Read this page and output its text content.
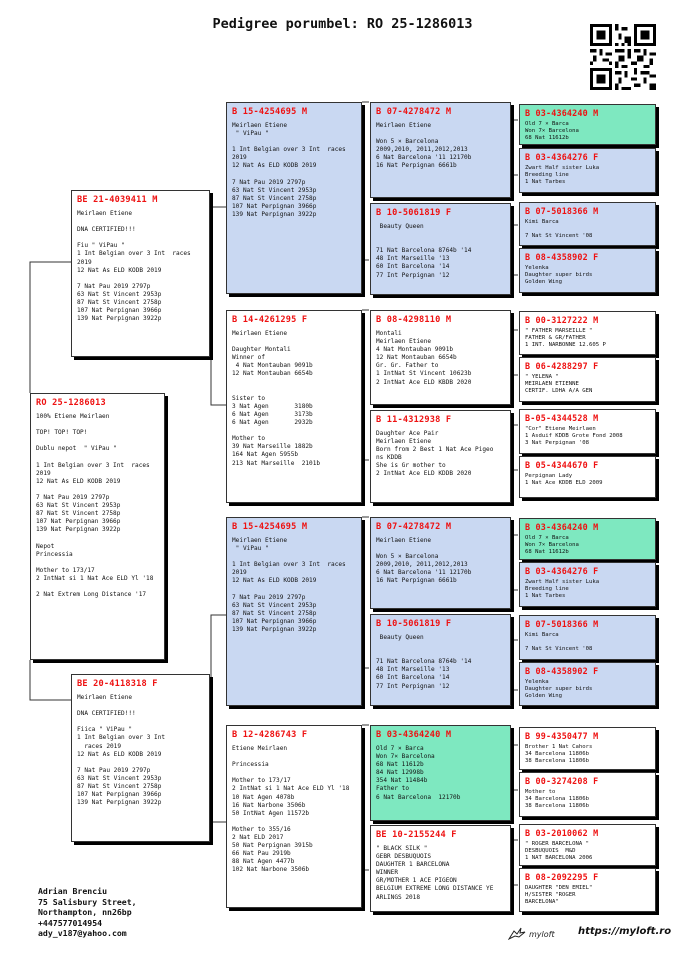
Pedigree porumbel: RO 25-1286013
RO 25-1286013
100% Etiene Meirlaen

TOP! TOP! TOP!

Dublu nepot  " ViPau "

1 Int Belgian over 3 Int  races
2019
12 Nat As ELD KODB 2019

7 Nat Pau 2019 2797p
63 Nat St Vincent 2953p
87 Nat St Vincent 2758p
107 Nat Perpignan 3966p
139 Nat Perpignan 3922p

Nepot
Princessia

Mother to 173/17
2 IntNat si 1 Nat Ace ELD Yl '18

2 Nat Extrem Long Distance '17
BE 21-4039411 M
Meirlaen Etiene

DNA CERTIFIED!!!

Fiu " ViPau "
1 Int Belgian over 3 Int  races
2019
12 Nat As ELD KODB 2019

7 Nat Pau 2019 2797p
63 Nat St Vincent 2953p
87 Nat St Vincent 2758p
107 Nat Perpignan 3966p
139 Nat Perpignan 3922p
BE 20-4118318 F
Meirlaen Etiene

DNA CERTIFIED!!!

Fiica " ViPau "
1 Int Belgian over 3 Int
races 2019
12 Nat As ELD KODB 2019

7 Nat Pau 2019 2797p
63 Nat St Vincent 2953p
87 Nat St Vincent 2758p
107 Nat Perpignan 3966p
139 Nat Perpignan 3922p
B 15-4254695 M
Meirlaen Etiene
" ViPau "

1 Int Belgian over 3 Int  races
2019
12 Nat As ELD KODB 2019

7 Nat Pau 2019 2797p
63 Nat St Vincent 2953p
87 Nat St Vincent 2758p
107 Nat Perpignan 3966p
139 Nat Perpignan 3922p
B 14-4261295 F
Meirlaen Etiene

Daughter Montali
Winner of
4 Nat Montauban 9091b
12 Nat Montauban 6654b

Sister to
3 Nat Agen       3180b
6 Nat Agen       3173b
6 Nat Agen       2932b

Mother to
39 Nat Marseille 1882b
164 Nat Agen 5955b
213 Nat Marseille  2101b
B 15-4254695 M
Meirlaen Etiene
" ViPau "

1 Int Belgian over 3 Int  races
2019
12 Nat As ELD KODB 2019

7 Nat Pau 2019 2797p
63 Nat St Vincent 2953p
87 Nat St Vincent 2758p
107 Nat Perpignan 3966p
139 Nat Perpignan 3922p
B 12-4286743 F
Etiene Meirlaen

Princessia

Mother to 173/17
2 IntNat si 1 Nat Ace ELD Yl '18
10 Nat Agen 4078b
16 Nat Narbone 3506b
50 IntNat Agen 11572b

Mother to 355/16
2 Nat ELD 2017
50 Nat Perpignan 3915b
66 Nat Pau 2919b
88 Nat Agen 4477b
102 Nat Narbone 3506b
B 07-4278472 M
Meirlaen Etiene

Won 5 × Barcelona
2009,2010, 2011,2012,2013
6 Nat Barcelona '11 12170b
16 Nat Perpignan 6661b
B 10-5061819 F
Beauty Queen

71 Nat Barcelona 8764b '14
48 Int Marseille '13
60 Int Barcelona '14
77 Int Perpignan '12
B 08-4298110 M
Montali
Meirlaen Etiene
4 Nat Montauban 9091b
12 Nat Montauban 6654b
Gr. Gr. Father to
1 IntNat St Vincent 10623b
2 IntNat Ace ELD KBDB 2020
B 11-4312938 F
Daughter Ace Pair
Meirlaen Etiene
Born from 2 Best 1 Nat Ace Pigeo
ns KDDB
She is Gr mother to
2 IntNat Ace ELD KDDB 2020
B 07-4278472 M
Meirlaen Etiene

Won 5 × Barcelona
2009,2010, 2011,2012,2013
6 Nat Barcelona '11 12170b
16 Nat Perpignan 6661b
B 10-5061819 F
Beauty Queen

71 Nat Barcelona 8764b '14
48 Int Marseille '13
60 Int Barcelona '14
77 Int Perpignan '12
B 03-4364240 M
Old 7 × Barca
Won 7× Barcelona
68 Nat 11612b
84 Nat 12998b
354 Nat 11484b
Father to
6 Nat Barcelona  12170b
BE 10-2155244 F
" BLACK SILK "
GEBR DESBUQUOIS
DAUGHTER 1 BARCELONA
WINNER
GR/MOTHER 1 ACE PIGEON
BELGIUM EXTREME LONG DISTANCE YE
ARLINGS 2018
B 03-4364240 M
Old 7 × Barca
Won 7× Barcelona
68 Nat 11612b
B 03-4364276 F
Zwart Half sister Luka
Breeding line
1 Nat Tarbes
B 07-5018366 M
Kimi Barca

7 Nat St Vincent '08
B 08-4358902 F
Yelenka
Daughter super birds
Golden Wing
B 00-3127222 M
" FATHER MARSEILLE "
FATHER & GR/FATHER
1 INT. NARBONNE 12.605 P
B 06-4288297 F
" YELENA "
MEIRLAEN ETIENNE
CERTIF. LDHA A/A GEN
B-05-4344528 M
"Cor" Etiene Meirlaen
1 Asduif KDDB Grote Fond 2008
3 Nat Perpignan '08
B 05-4344670 F
Perpignan Lady
1 Nat Ace KDDB ELD 2009
B 03-4364240 M
Old 7 × Barca
Won 7× Barcelona
68 Nat 11612b
B 03-4364276 F
Zwart Half sister Luka
Breeding line
1 Nat Tarbes
B 07-5018366 M
Kimi Barca

7 Nat St Vincent '08
B 08-4358902 F
Yelenka
Daughter super birds
Golden Wing
B 99-4350477 M
Brother 1 Nat Cahors
34 Barcelona 11806b
38 Barcelona 11806b
B 00-3274208 F
Mother to
34 Barcelona 11806b
38 Barcelona 11806b
B 03-2010062 M
" ROGER BARCELONA "
DESBUQUOIS  M&D
1 NAT BARCELONA 2006
B 08-2092295 F
DAUGHTER "DEN EMIEL"
H/SISTER "ROGER
BARCELONA"
Adrian Brenciu
75 Salisbury Street,
Northampton, nn26bp
+447577014954
ady_v187@yahoo.com	myloft https://myloft.ro
